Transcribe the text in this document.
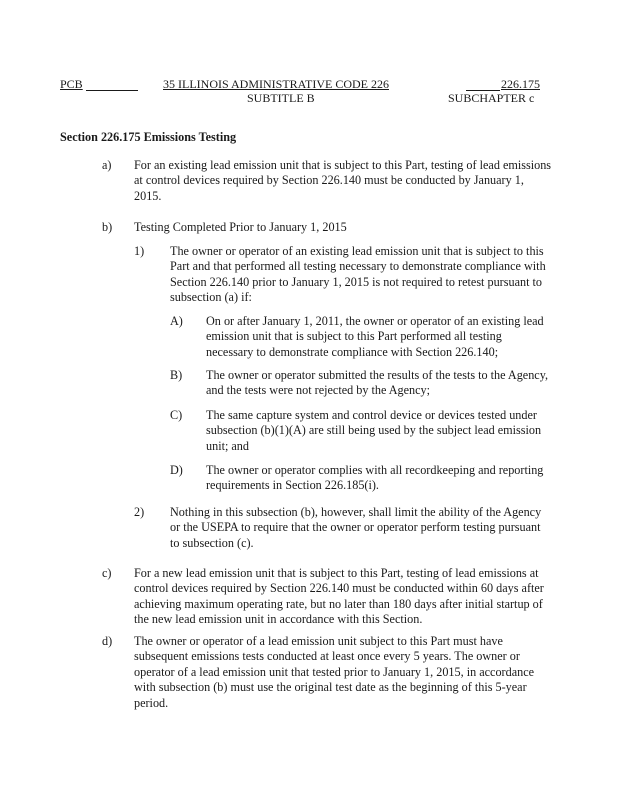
PCB	35 ILLINOIS ADMINISTRATIVE CODE 226
SUBTITLE B
226.175
SUBCHAPTER c
Section 226.175 Emissions Testing
a) For an existing lead emission unit that is subject to this Part, testing of lead emissions at control devices required by Section 226.140 must be conducted by January 1, 2015.
b) Testing Completed Prior to January 1, 2015
1) The owner or operator of an existing lead emission unit that is subject to this Part and that performed all testing necessary to demonstrate compliance with Section 226.140 prior to January 1, 2015 is not required to retest pursuant to subsection (a) if:
A) On or after January 1, 2011, the owner or operator of an existing lead emission unit that is subject to this Part performed all testing necessary to demonstrate compliance with Section 226.140;
B) The owner or operator submitted the results of the tests to the Agency, and the tests were not rejected by the Agency;
C) The same capture system and control device or devices tested under subsection (b)(1)(A) are still being used by the subject lead emission unit; and
D) The owner or operator complies with all recordkeeping and reporting requirements in Section 226.185(i).
2) Nothing in this subsection (b), however, shall limit the ability of the Agency or the USEPA to require that the owner or operator perform testing pursuant to subsection (c).
c) For a new lead emission unit that is subject to this Part, testing of lead emissions at control devices required by Section 226.140 must be conducted within 60 days after achieving maximum operating rate, but no later than 180 days after initial startup of the new lead emission unit in accordance with this Section.
d) The owner or operator of a lead emission unit subject to this Part must have subsequent emissions tests conducted at least once every 5 years. The owner or operator of a lead emission unit that tested prior to January 1, 2015, in accordance with subsection (b) must use the original test date as the beginning of this 5-year period.
